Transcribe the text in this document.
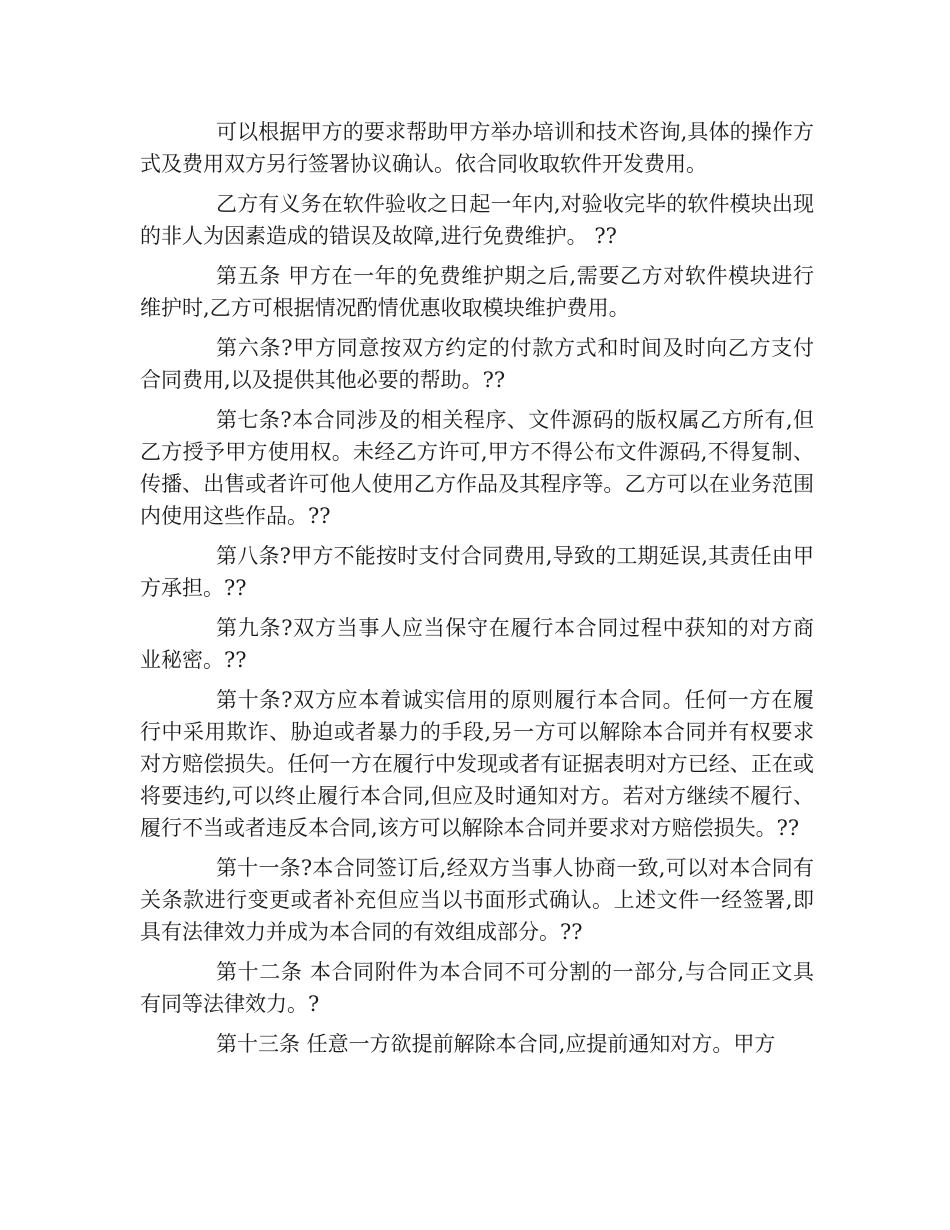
可以根据甲方的要求帮助甲方举办培训和技术咨询,具体的操作方式及费用双方另行签署协议确认。依合同收取软件开发费用。

乙方有义务在软件验收之日起一年内,对验收完毕的软件模块出现的非人为因素造成的错误及故障,进行免费维护。 ??

第五条 甲方在一年的免费维护期之后,需要乙方对软件模块进行维护时,乙方可根据情况酌情优惠收取模块维护费用。

第六条?甲方同意按双方约定的付款方式和时间及时向乙方支付合同费用,以及提供其他必要的帮助。??

第七条?本合同涉及的相关程序、文件源码的版权属乙方所有,但乙方授予甲方使用权。未经乙方许可,甲方不得公布文件源码,不得复制、传播、出售或者许可他人使用乙方作品及其程序等。乙方可以在业务范围内使用这些作品。??

第八条?甲方不能按时支付合同费用,导致的工期延误,其责任由甲方承担。??

第九条?双方当事人应当保守在履行本合同过程中获知的对方商业秘密。??

第十条?双方应本着诚实信用的原则履行本合同。任何一方在履行中采用欺诈、胁迫或者暴力的手段,另一方可以解除本合同并有权要求对方赔偿损失。任何一方在履行中发现或者有证据表明对方已经、正在或将要违约,可以终止履行本合同,但应及时通知对方。若对方继续不履行、履行不当或者违反本合同,该方可以解除本合同并要求对方赔偿损失。??

第十一条?本合同签订后,经双方当事人协商一致,可以对本合同有关条款进行变更或者补充但应当以书面形式确认。上述文件一经签署,即具有法律效力并成为本合同的有效组成部分。??

第十二条 本合同附件为本合同不可分割的一部分,与合同正文具有同等法律效力。?

第十三条 任意一方欲提前解除本合同,应提前通知对方。甲方
